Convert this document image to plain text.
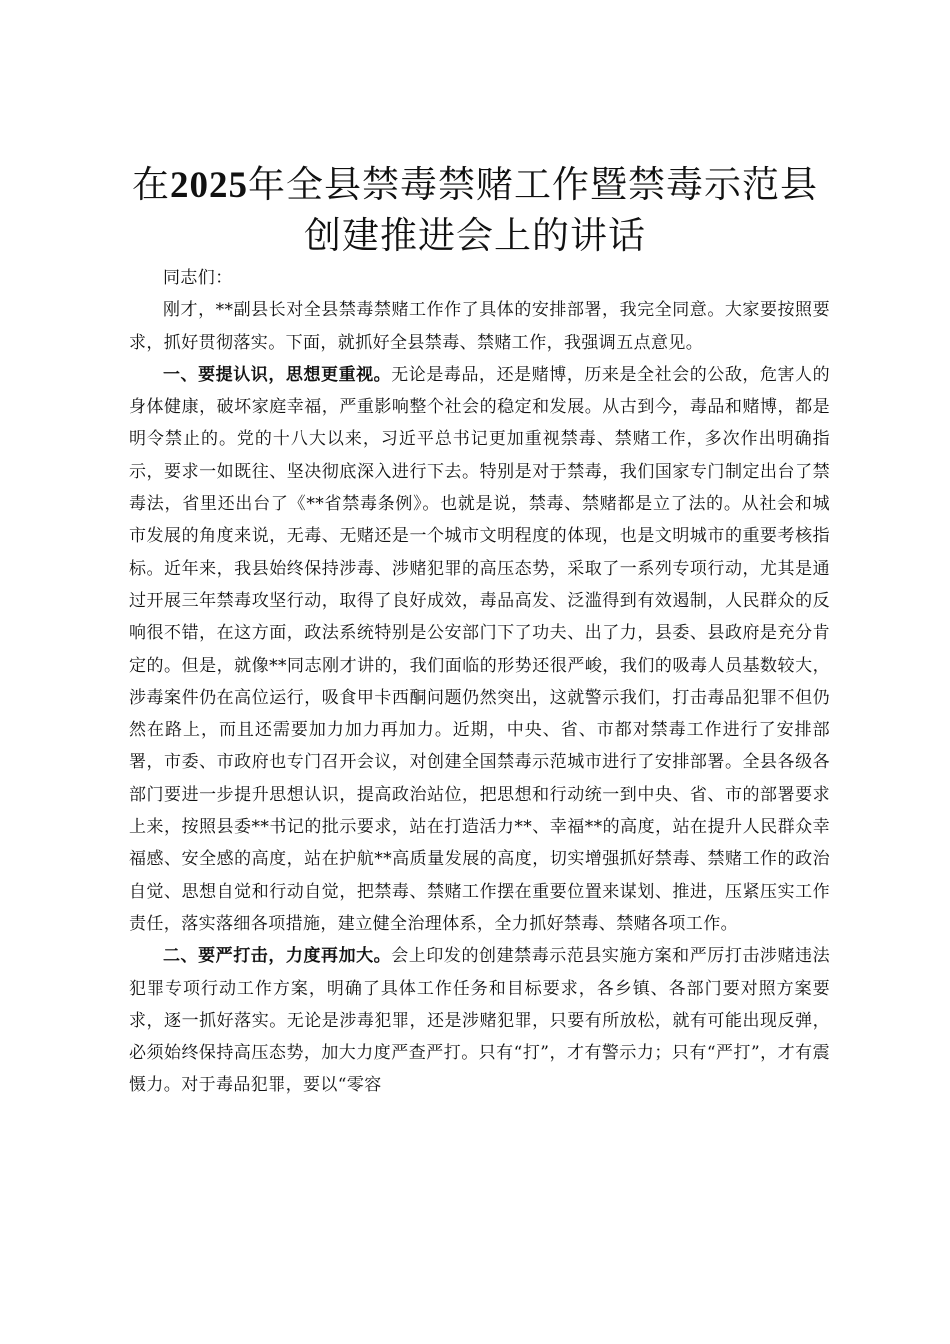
在2025年全县禁毒禁赌工作暨禁毒示范县创建推进会上的讲话

同志们：

刚才，**副县长对全县禁毒禁赌工作作了具体的安排部署，我完全同意。大家要按照要求，抓好贯彻落实。下面，就抓好全县禁毒、禁赌工作，我强调五点意见。

一、要提认识，思想更重视。无论是毒品，还是赌博，历来是全社会的公敌，危害人的身体健康，破坏家庭幸福，严重影响整个社会的稳定和发展。从古到今，毒品和赌博，都是明令禁止的。党的十八大以来，习近平总书记更加重视禁毒、禁赌工作，多次作出明确指示，要求一如既往、坚决彻底深入进行下去。特别是对于禁毒，我们国家专门制定出台了禁毒法，省里还出台了《**省禁毒条例》。也就是说，禁毒、禁赌都是立了法的。从社会和城市发展的角度来说，无毒、无赌还是一个城市文明程度的体现，也是文明城市的重要考核指标。近年来，我县始终保持涉毒、涉赌犯罪的高压态势，采取了一系列专项行动，尤其是通过开展三年禁毒攻坚行动，取得了良好成效，毒品高发、泛滥得到有效遏制，人民群众的反响很不错，在这方面，政法系统特别是公安部门下了功夫、出了力，县委、县政府是充分肯定的。但是，就像**同志刚才讲的，我们面临的形势还很严峻，我们的吸毒人员基数较大，涉毒案件仍在高位运行，吸食甲卡西酮问题仍然突出，这就警示我们，打击毒品犯罪不但仍然在路上，而且还需要加力加力再加力。近期，中央、省、市都对禁毒工作进行了安排部署，市委、市政府也专门召开会议，对创建全国禁毒示范城市进行了安排部署。全县各级各部门要进一步提升思想认识，提高政治站位，把思想和行动统一到中央、省、市的部署要求上来，按照县委**书记的批示要求，站在打造活力**、幸福**的高度，站在提升人民群众幸福感、安全感的高度，站在护航**高质量发展的高度，切实增强抓好禁毒、禁赌工作的政治自觉、思想自觉和行动自觉，把禁毒、禁赌工作摆在重要位置来谋划、推进，压紧压实工作责任，落实落细各项措施，建立健全治理体系，全力抓好禁毒、禁赌各项工作。

二、要严打击，力度再加大。会上印发的创建禁毒示范县实施方案和严厉打击涉赌违法犯罪专项行动工作方案，明确了具体工作任务和目标要求，各乡镇、各部门要对照方案要求，逐一抓好落实。无论是涉毒犯罪，还是涉赌犯罪，只要有所放松，就有可能出现反弹，必须始终保持高压态势，加大力度严查严打。只有“打”，才有警示力；只有“严打”，才有震慑力。对于毒品犯罪，要以“零容
